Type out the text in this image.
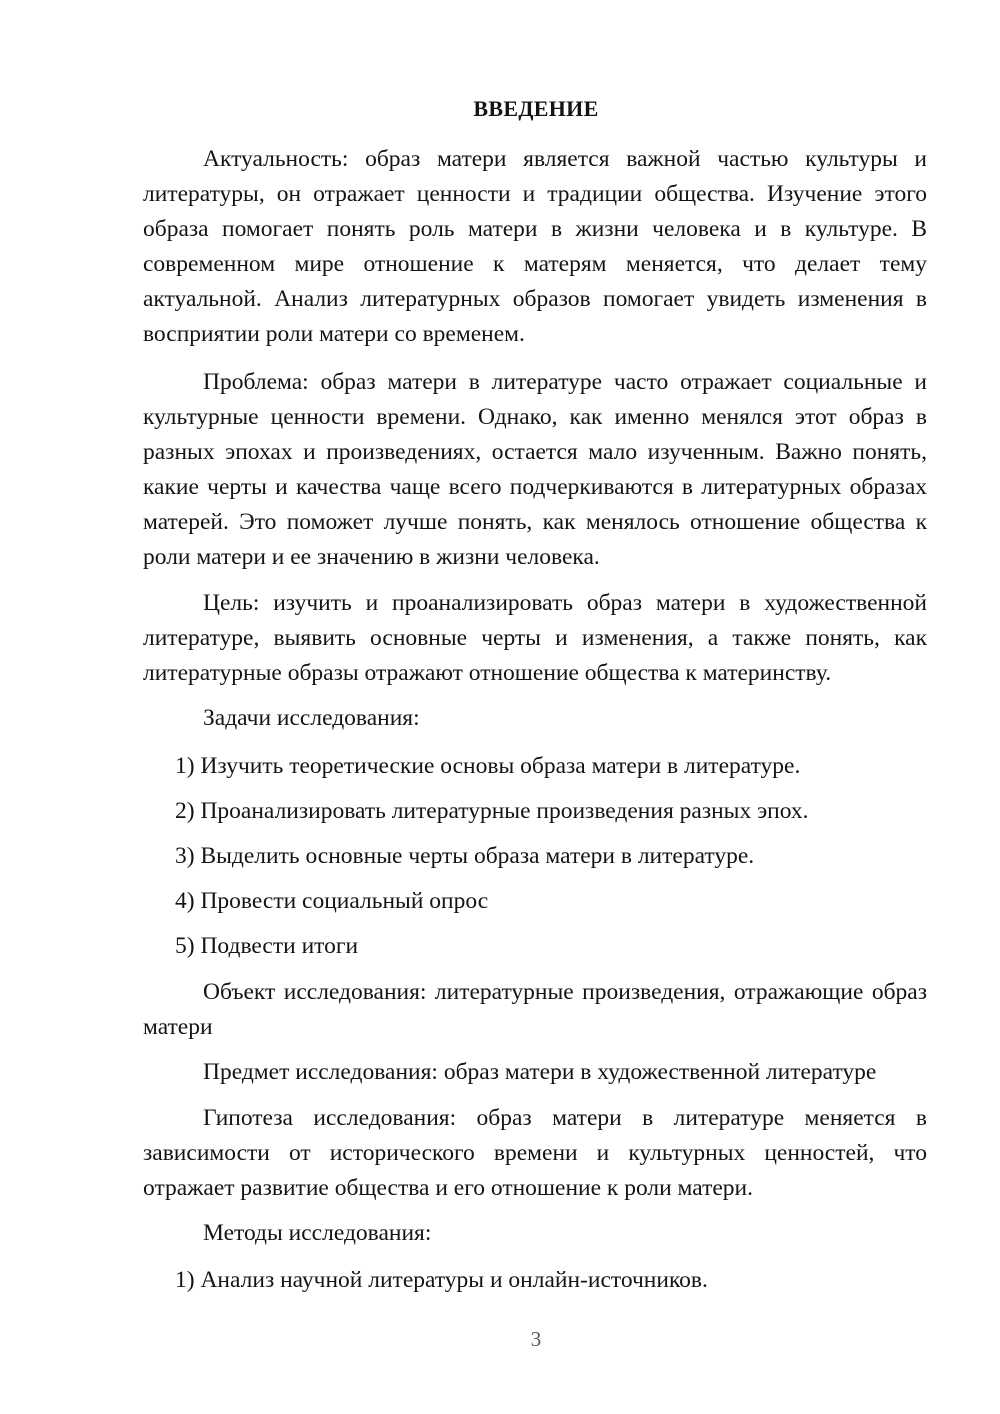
ВВЕДЕНИЕ

Актуальность: образ матери является важной частью культуры и литературы, он отражает ценности и традиции общества. Изучение этого образа помогает понять роль матери в жизни человека и в культуре. В современном мире отношение к матерям меняется, что делает тему актуальной. Анализ литературных образов помогает увидеть изменения в восприятии роли матери со временем.

Проблема: образ матери в литературе часто отражает социальные и культурные ценности времени. Однако, как именно менялся этот образ в разных эпохах и произведениях, остается мало изученным. Важно понять, какие черты и качества чаще всего подчеркиваются в литературных образах матерей. Это поможет лучше понять, как менялось отношение общества к роли матери и ее значению в жизни человека.

Цель: изучить и проанализировать образ матери в художественной литературе, выявить основные черты и изменения, а также понять, как литературные образы отражают отношение общества к материнству.

Задачи исследования:

1) Изучить теоретические основы образа матери в литературе.
2) Проанализировать литературные произведения разных эпох.
3) Выделить основные черты образа матери в литературе.
4) Провести социальный опрос
5) Подвести итоги

Объект исследования: литературные произведения, отражающие образ матери

Предмет исследования: образ матери в художественной литературе

Гипотеза исследования: образ матери в литературе меняется в зависимости от исторического времени и культурных ценностей, что отражает развитие общества и его отношение к роли матери.

Методы исследования:

1) Анализ научной литературы и онлайн-источников.
3
